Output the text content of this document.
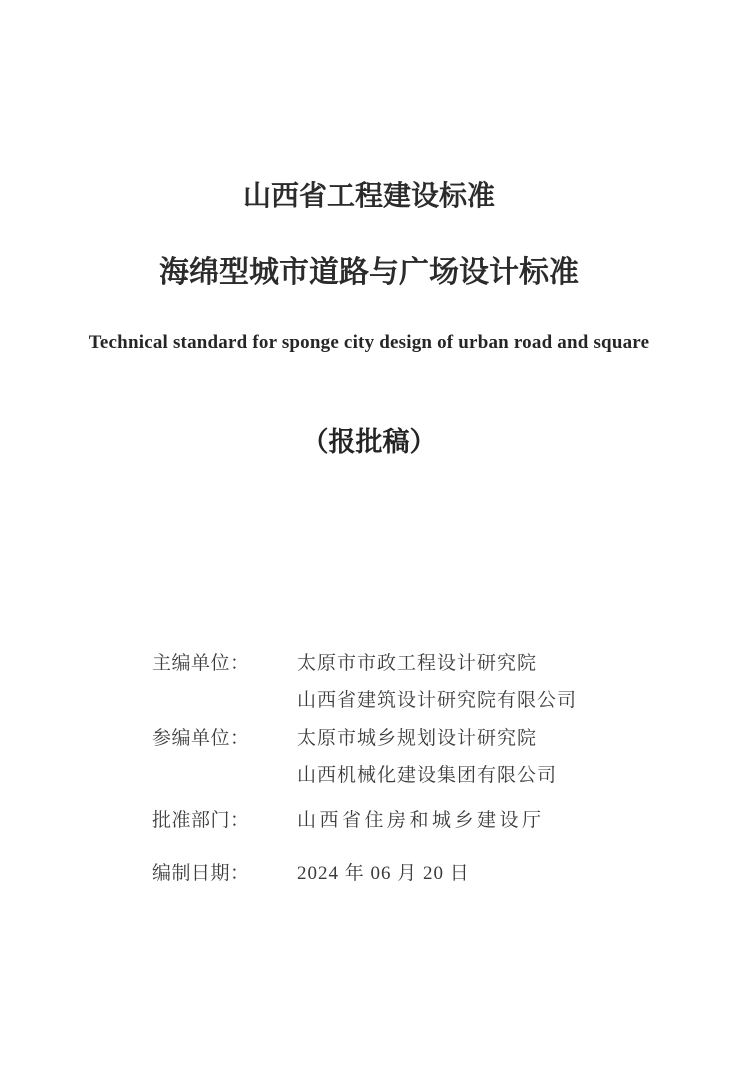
山西省工程建设标准
海绵型城市道路与广场设计标准
Technical standard for sponge city design of urban road and square
（报批稿）
主编单位： 太原市市政工程设计研究院
山西省建筑设计研究院有限公司
参编单位： 太原市城乡规划设计研究院
山西机械化建设集团有限公司
批准部门： 山西省住房和城乡建设厅
编制日期： 2024 年 06 月 20 日
